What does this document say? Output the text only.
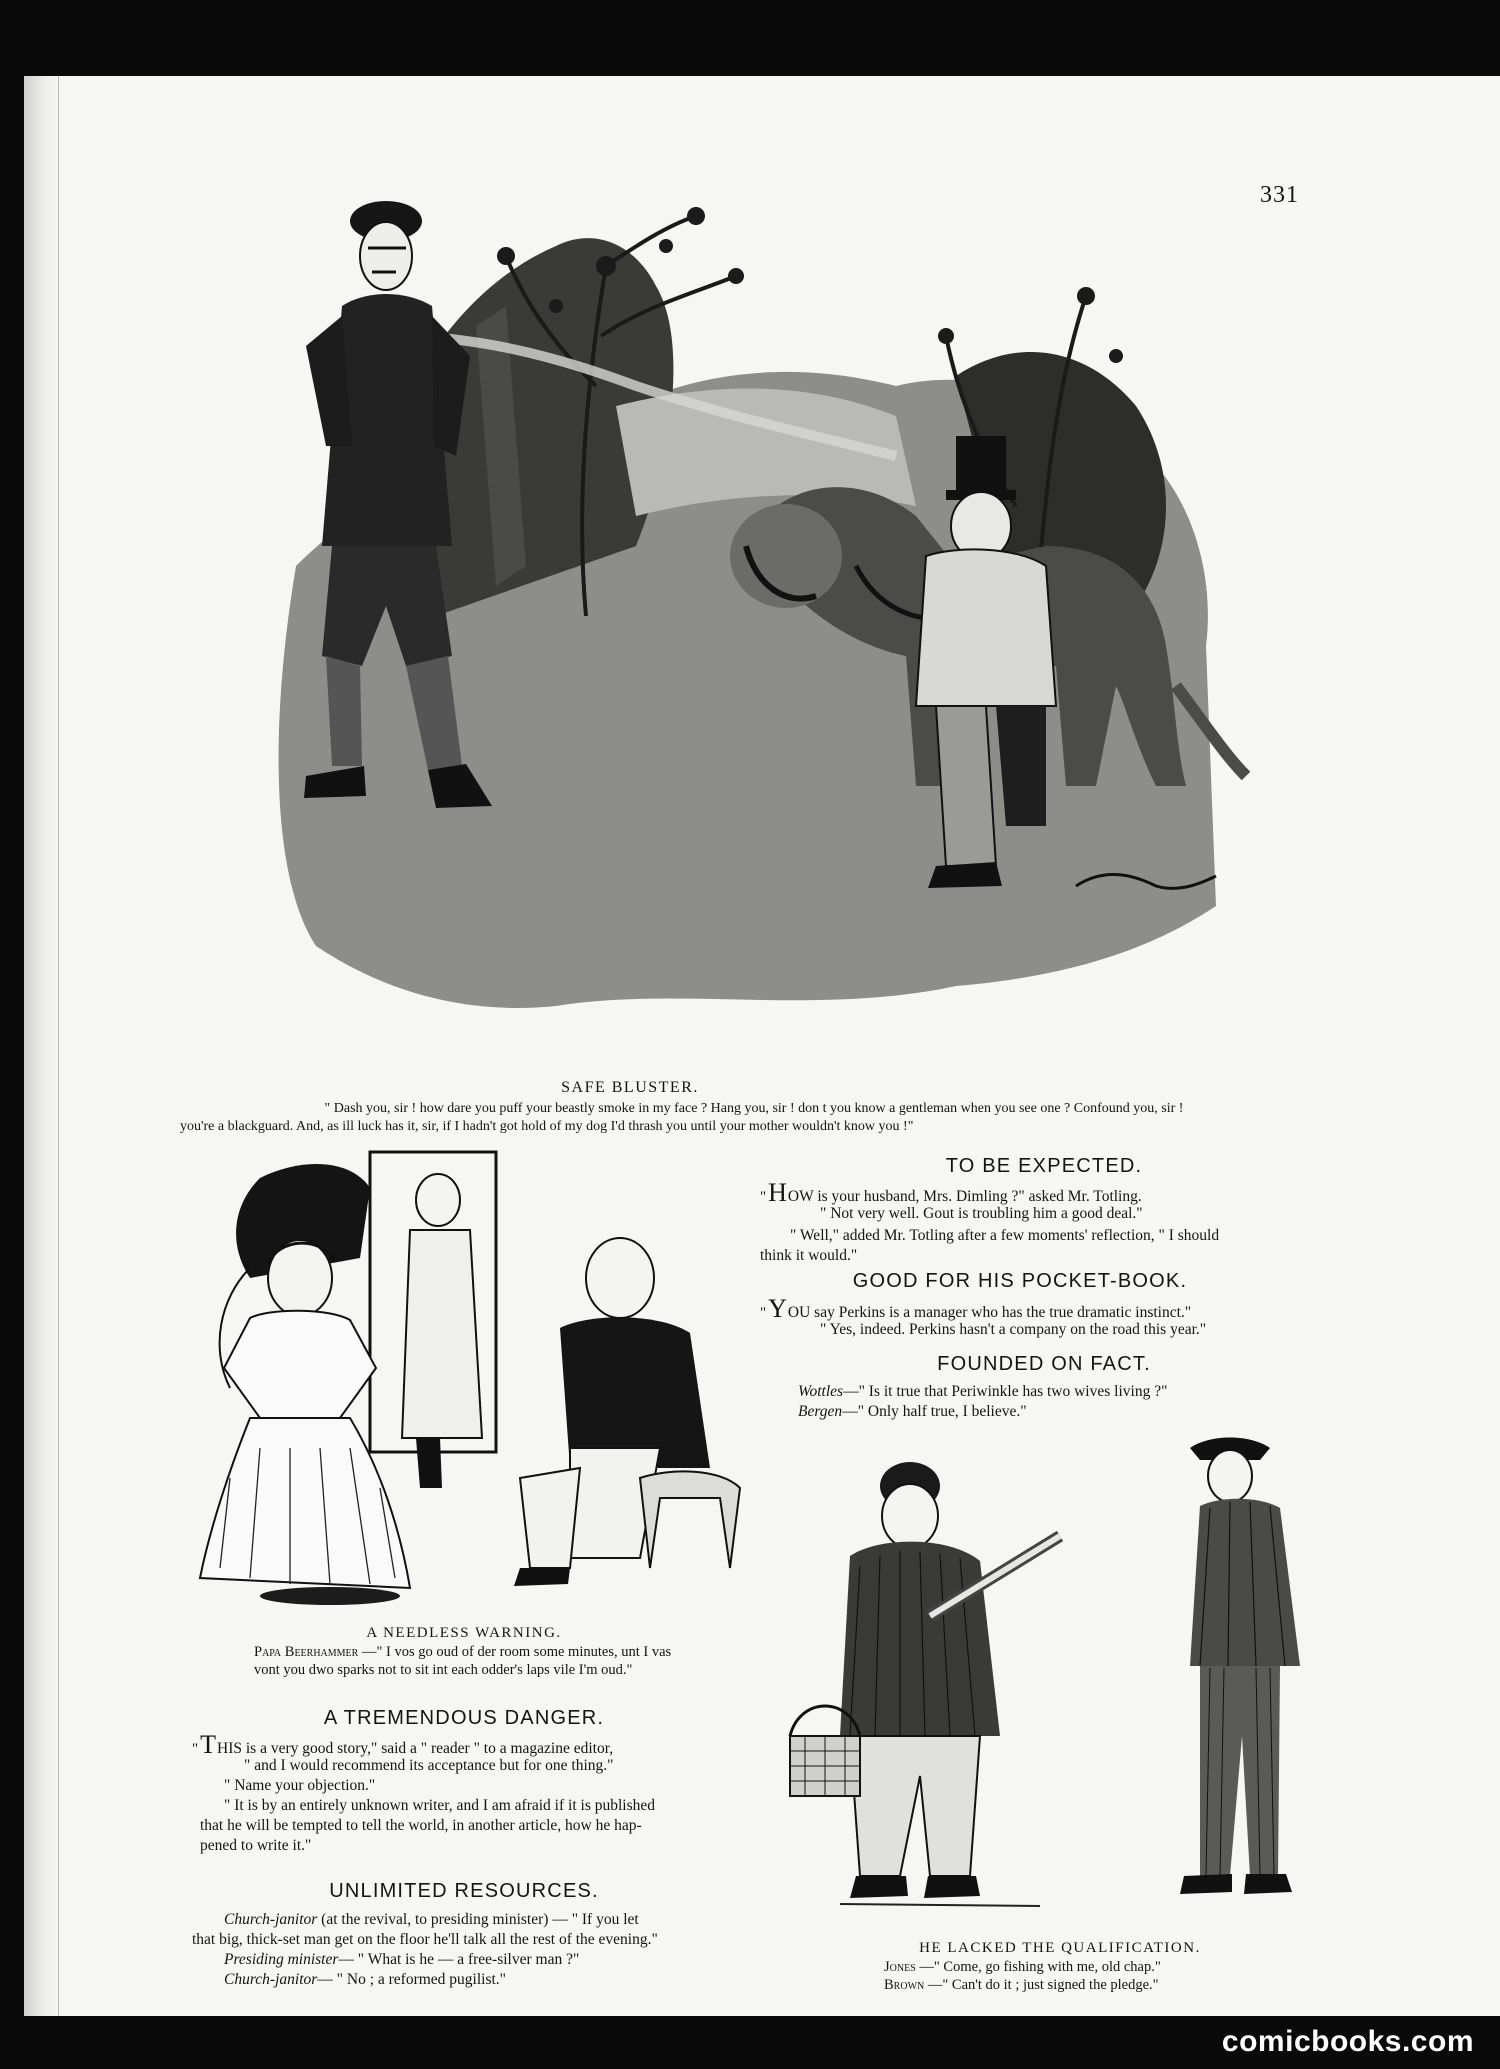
331
SAFE BLUSTER.
" Dash you, sir ! how dare you puff your beastly smoke in my face ? Hang you, sir ! don t you know a gentleman when you see one ? Confound you, sir !
you're a blackguard. And, as ill luck has it, sir, if I hadn't got hold of my dog I'd thrash you until your mother wouldn't know you !"
A NEEDLESS WARNING.
Papa Beerhammer —" I vos go oud of der room some minutes, unt I vas
vont you dwo sparks not to sit int each odder's laps vile I'm oud."
A TREMENDOUS DANGER.
"THIS is a very good story," said a " reader " to a magazine editor,
" and I would recommend its acceptance but for one thing."
" Name your objection."
" It is by an entirely unknown writer, and I am afraid if it is published
that he will be tempted to tell the world, in another article, how he hap-
pened to write it."
UNLIMITED RESOURCES.
Church-janitor (at the revival, to presiding minister) — " If you let
that big, thick-set man get on the floor he'll talk all the rest of the evening."
Presiding minister— " What is he — a free-silver man ?"
Church-janitor— " No ; a reformed pugilist."
TO BE EXPECTED.
"HOW is your husband, Mrs. Dimling ?" asked Mr. Totling.
" Not very well. Gout is troubling him a good deal."
" Well," added Mr. Totling after a few moments' reflection, " I should
think it would."
GOOD FOR HIS POCKET-BOOK.
"YOU say Perkins is a manager who has the true dramatic instinct."
" Yes, indeed. Perkins hasn't a company on the road this year."
FOUNDED ON FACT.
Wottles—" Is it true that Periwinkle has two wives living ?"
Bergen—" Only half true, I believe."
HE LACKED THE QUALIFICATION.
Jones —" Come, go fishing with me, old chap."
Brown —" Can't do it ; just signed the pledge."
comicbooks.com
